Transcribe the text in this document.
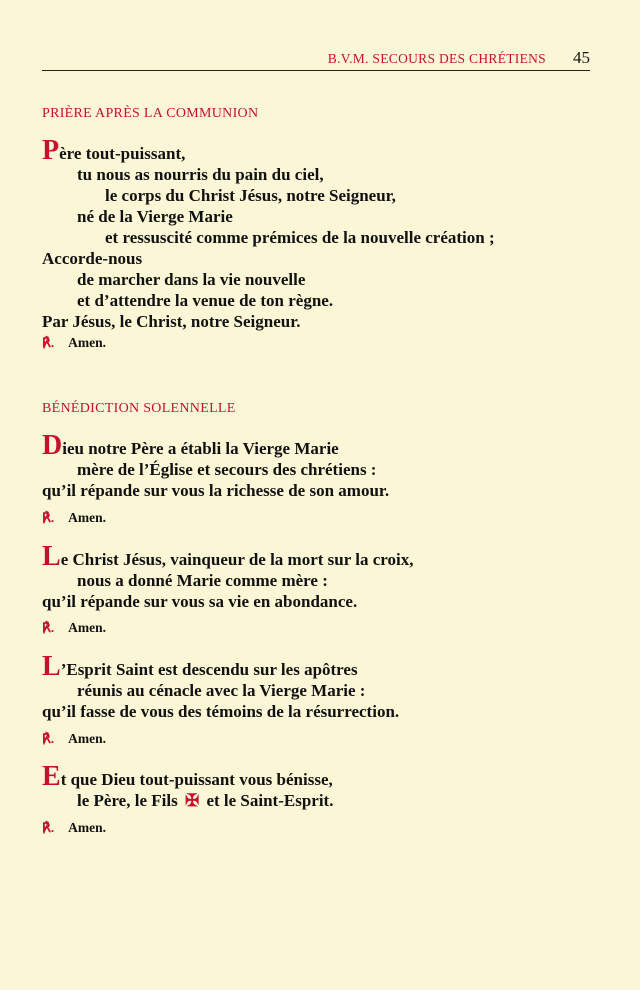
B.V.M. SECOURS DES CHRÉTIENS 45
PRIÈRE APRÈS LA COMMUNION
Père tout-puissant,
tu nous as nourris du pain du ciel,
le corps du Christ Jésus, notre Seigneur,
né de la Vierge Marie
et ressuscité comme prémices de la nouvelle création ;
Accorde-nous
de marcher dans la vie nouvelle
et d’attendre la venue de ton règne.
Par Jésus, le Christ, notre Seigneur.
℟. Amen.
BÉNÉDICTION SOLENNELLE
Dieu notre Père a établi la Vierge Marie
mère de l’Église et secours des chrétiens :
qu’il répande sur vous la richesse de son amour.
℟. Amen.
Le Christ Jésus, vainqueur de la mort sur la croix,
nous a donné Marie comme mère :
qu’il répande sur vous sa vie en abondance.
℟. Amen.
L’Esprit Saint est descendu sur les apôtres
réunis au cénacle avec la Vierge Marie :
qu’il fasse de vous des témoins de la résurrection.
℟. Amen.
Et que Dieu tout-puissant vous bénisse,
le Père, le Fils ✠ et le Saint-Esprit.
℟. Amen.
